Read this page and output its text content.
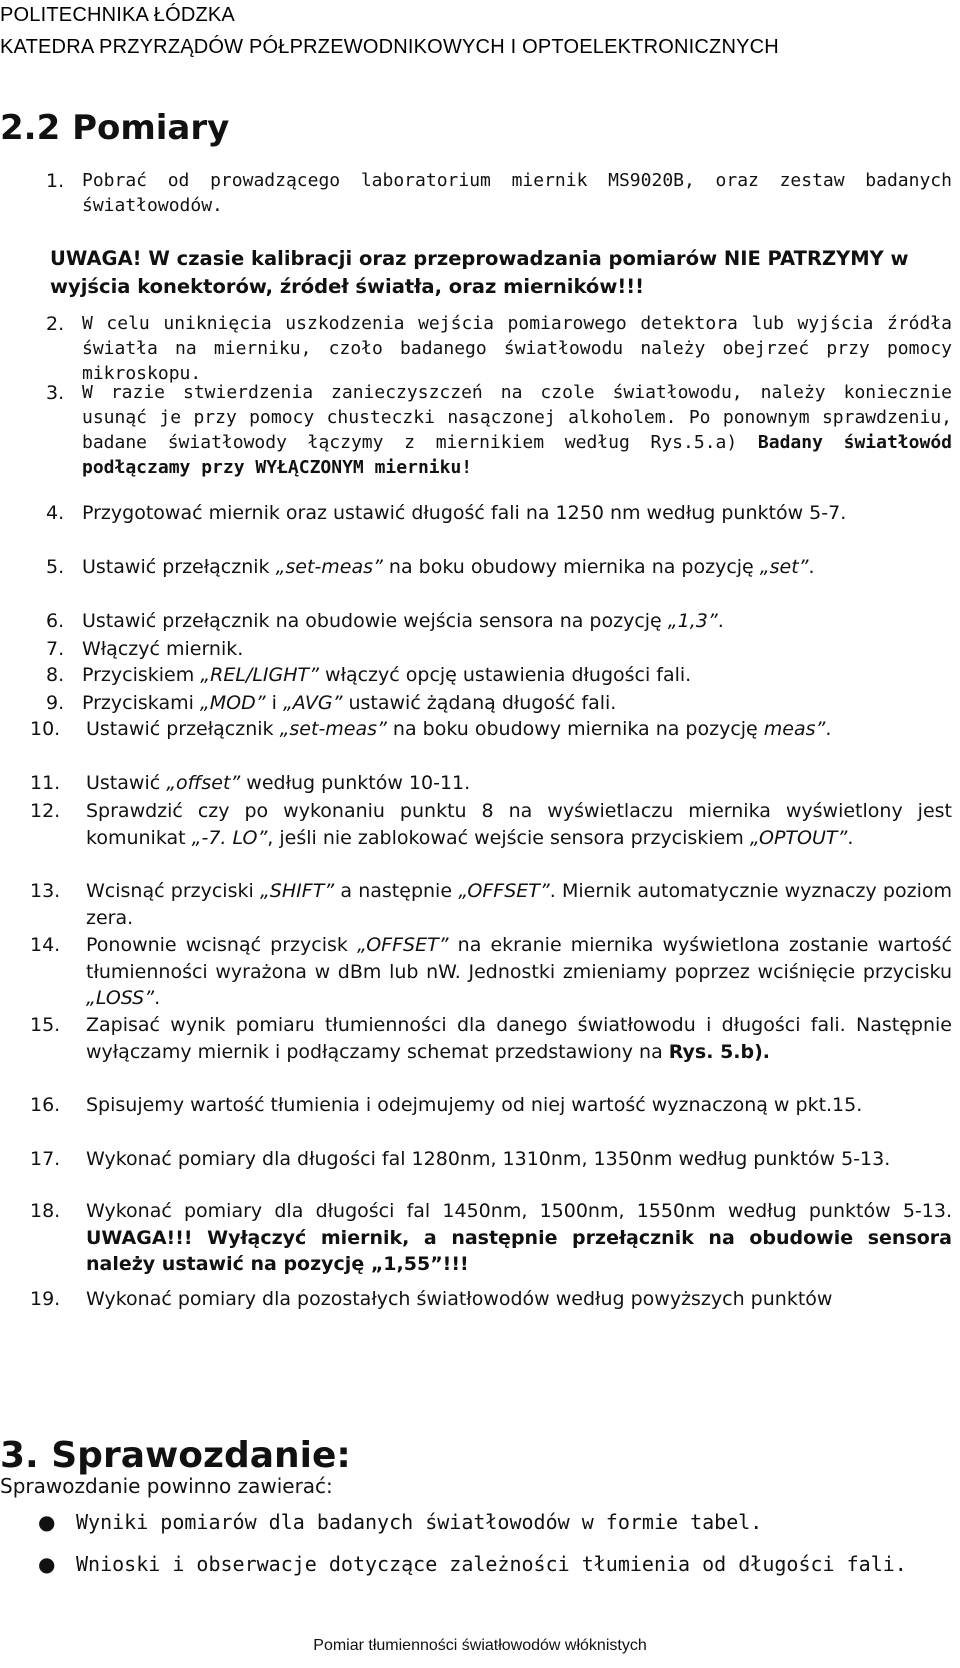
POLITECHNIKA ŁÓDZKA
KATEDRA PRZYRZĄDÓW PÓŁPRZEWODNIKOWYCH I OPTOELEKTRONICZNYCH
2.2 Pomiary
1. Pobrać od prowadzącego laboratorium miernik MS9020B, oraz zestaw badanych światłowodów.
2. W celu uniknięcia uszkodzenia wejścia pomiarowego detektora lub wyjścia źródła światła na mierniku, czoło badanego światłowodu należy obejrzeć przy pomocy mikroskopu.
3. W razie stwierdzenia zanieczyszczeń na czole światłowodu, należy koniecznie usunąć je przy pomocy chusteczki nasączonej alkoholem. Po ponownym sprawdzeniu, badane światłowody łączymy z miernikiem według Rys.5.a) Badany światłowód podłączamy przy WYŁĄCZONYM mierniku!
4. Przygotować miernik oraz ustawić długość fali na 1250 nm według punktów 5-7.
5. Ustawić przełącznik „set-meas” na boku obudowy miernika na pozycję „set”.
6. Ustawić przełącznik na obudowie wejścia sensora na pozycję „1,3”.
7. Włączyć miernik.
8. Przyciskiem „REL/LIGHT” włączyć opcję ustawienia długości fali.
9. Przyciskami „MOD” i „AVG” ustawić żądaną długość fali.
10.	Ustawić przełącznik „set-meas” na boku obudowy miernika na pozycję meas”.
11.	Ustawić „offset” według punktów 10-11.
12.	Sprawdzić czy po wykonaniu punktu 8 na wyświetlaczu miernika wyświetlony jest komunikat „-7. LO”, jeśli nie zablokować wejście sensora przyciskiem „OPTOUT”.
13.	Wcisnąć przyciski „SHIFT” a następnie „OFFSET”. Miernik automatycznie wyznaczy poziom zera.
14.	Ponownie wcisnąć przycisk „OFFSET” na ekranie miernika wyświetlona zostanie wartość tłumienności wyrażona w dBm lub nW. Jednostki zmieniamy poprzez wciśnięcie przycisku „LOSS”.
15.	Zapisać wynik pomiaru tłumienności dla danego światłowodu i długości fali. Następnie wyłączamy miernik i podłączamy schemat przedstawiony na Rys. 5.b).
16.	Spisujemy wartość tłumienia i odejmujemy od niej wartość wyznaczoną w pkt.15.
17.	Wykonać pomiary dla długości fal 1280nm, 1310nm, 1350nm według punktów 5-13.
18.	Wykonać pomiary dla długości fal 1450nm, 1500nm, 1550nm według punktów 5-13. UWAGA!!! Wyłączyć miernik, a następnie przełącznik na obudowie sensora należy ustawić na pozycję „1,55”!!!
19.	Wykonać pomiary dla pozostałych światłowodów według powyższych punktów
UWAGA! W czasie kalibracji oraz przeprowadzania pomiarów NIE PATRZYMY w wyjścia konektorów, źródeł światła, oraz mierników!!!
3. Sprawozdanie:
Sprawozdanie powinno zawierać:
● Wyniki pomiarów dla badanych światłowodów w formie tabel.
● Wnioski i obserwacje dotyczące zależności tłumienia od długości fali.
Pomiar tłumienności światłowodów włóknistych
